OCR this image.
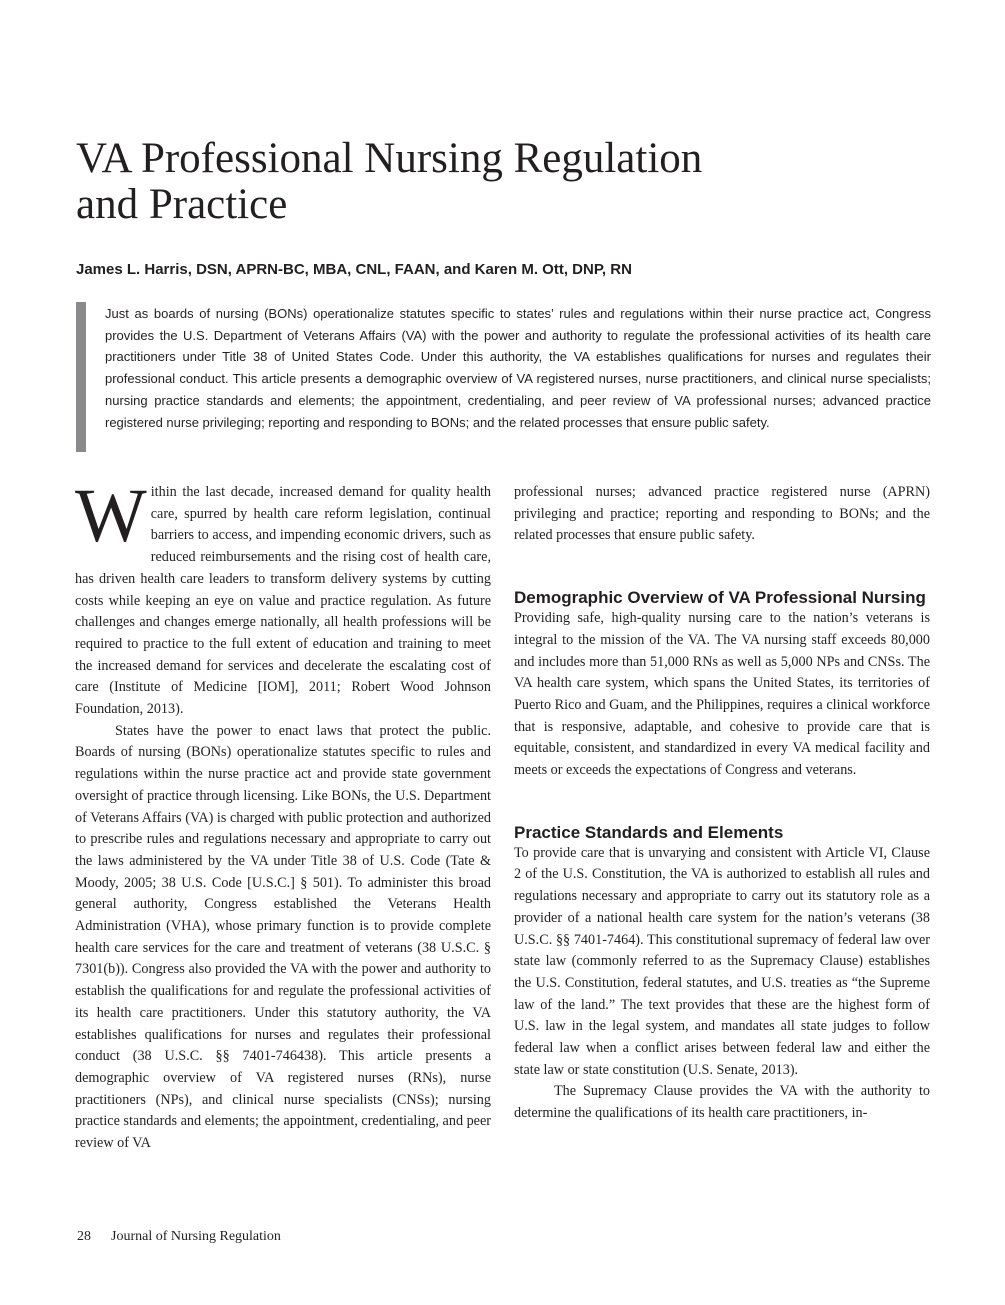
VA Professional Nursing Regulation
and Practice

James L. Harris, DSN, APRN-BC, MBA, CNL, FAAN, and Karen M. Ott, DNP, RN

Just as boards of nursing (BONs) operationalize statutes specific to states’ rules and regulations within their nurse practice act, Congress provides the U.S. Department of Veterans Affairs (VA) with the power and authority to regulate the professional activities of its health care practitioners under Title 38 of United States Code. Under this authority, the VA establishes qualifications for nurses and regulates their professional conduct. This article presents a demographic overview of VA registered nurses, nurse practitioners, and clinical nurse specialists; nursing practice standards and elements; the appointment, credentialing, and peer review of VA professional nurses; advanced practice registered nurse privileging; reporting and responding to BONs; and the related processes that ensure public safety.

Within the last decade, increased demand for quality health care, spurred by health care reform legislation, continual barriers to access, and impending economic drivers, such as reduced reimbursements and the rising cost of health care, has driven health care leaders to transform delivery systems by cutting costs while keeping an eye on value and practice regulation. As future challenges and changes emerge nationally, all health professions will be required to practice to the full extent of education and training to meet the increased demand for services and decelerate the escalating cost of care (Institute of Medicine [IOM], 2011; Robert Wood Johnson Foundation, 2013).

States have the power to enact laws that protect the public. Boards of nursing (BONs) operationalize statutes specific to rules and regulations within the nurse practice act and provide state government oversight of practice through licensing. Like BONs, the U.S. Department of Veterans Affairs (VA) is charged with public protection and authorized to prescribe rules and regulations necessary and appropriate to carry out the laws administered by the VA under Title 38 of U.S. Code (Tate & Moody, 2005; 38 U.S. Code [U.S.C.] § 501). To administer this broad general authority, Congress established the Veterans Health Administration (VHA), whose primary function is to provide complete health care services for the care and treatment of veterans (38 U.S.C. § 7301(b)). Congress also provided the VA with the power and authority to establish the qualifications for and regulate the professional activities of its health care practitioners. Under this statutory authority, the VA establishes qualifications for nurses and regulates their professional conduct (38 U.S.C. §§ 7401-746438). This article presents a demographic overview of VA registered nurses (RNs), nurse practitioners (NPs), and clinical nurse specialists (CNSs); nursing practice standards and elements; the appointment, credentialing, and peer review of VA

professional nurses; advanced practice registered nurse (APRN) privileging and practice; reporting and responding to BONs; and the related processes that ensure public safety.

Demographic Overview of VA Professional Nursing

Providing safe, high-quality nursing care to the nation’s veterans is integral to the mission of the VA. The VA nursing staff exceeds 80,000 and includes more than 51,000 RNs as well as 5,000 NPs and CNSs. The VA health care system, which spans the United States, its territories of Puerto Rico and Guam, and the Philippines, requires a clinical workforce that is responsive, adaptable, and cohesive to provide care that is equitable, consistent, and standardized in every VA medical facility and meets or exceeds the expectations of Congress and veterans.

Practice Standards and Elements

To provide care that is unvarying and consistent with Article VI, Clause 2 of the U.S. Constitution, the VA is authorized to establish all rules and regulations necessary and appropriate to carry out its statutory role as a provider of a national health care system for the nation’s veterans (38 U.S.C. §§ 7401-7464). This constitutional supremacy of federal law over state law (commonly referred to as the Supremacy Clause) establishes the U.S. Constitution, federal statutes, and U.S. treaties as “the Supreme law of the land.” The text provides that these are the highest form of U.S. law in the legal system, and mandates all state judges to follow federal law when a conflict arises between federal law and either the state law or state constitution (U.S. Senate, 2013).

The Supremacy Clause provides the VA with the authority to determine the qualifications of its health care practitioners, in-

28 Journal of Nursing Regulation
